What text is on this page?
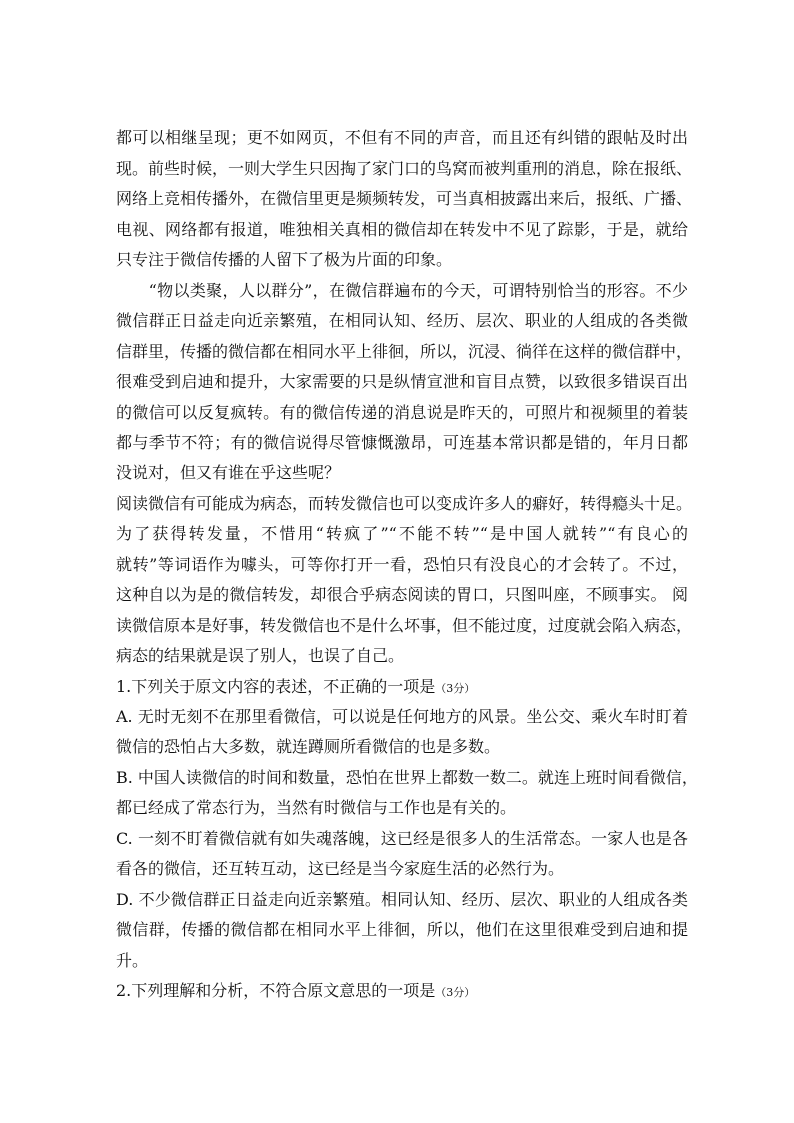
都可以相继呈现；更不如网页，不但有不同的声音，而且还有纠错的跟帖及时出
现。前些时候，一则大学生只因掏了家门口的鸟窝而被判重刑的消息，除在报纸、
网络上竞相传播外，在微信里更是频频转发，可当真相披露出来后，报纸、广播、
电视、网络都有报道，唯独相关真相的微信却在转发中不见了踪影，于是，就给
只专注于微信传播的人留下了极为片面的印象。
　　“物以类聚，人以群分”，在微信群遍布的今天，可谓特别恰当的形容。不少
微信群正日益走向近亲繁殖，在相同认知、经历、层次、职业的人组成的各类微
信群里，传播的微信都在相同水平上徘徊，所以，沉浸、徜徉在这样的微信群中，
很难受到启迪和提升，大家需要的只是纵情宣泄和盲目点赞，以致很多错误百出
的微信可以反复疯转。有的微信传递的消息说是昨天的，可照片和视频里的着装
都与季节不符；有的微信说得尽管慷慨激昂，可连基本常识都是错的，年月日都
没说对，但又有谁在乎这些呢？
阅读微信有可能成为病态，而转发微信也可以变成许多人的癖好，转得瘾头十足。
为了获得转发量，不惜用“转疯了”“不能不转”“是中国人就转”“有良心的
就转”等词语作为噱头，可等你打开一看，恐怕只有没良心的才会转了。不过，
这种自以为是的微信转发，却很合乎病态阅读的胃口，只图叫座，不顾事实。 阅
读微信原本是好事，转发微信也不是什么坏事，但不能过度，过度就会陷入病态，
病态的结果就是误了别人，也误了自己。
1.下列关于原文内容的表述，不正确的一项是（3分）
A. 无时无刻不在那里看微信，可以说是任何地方的风景。坐公交、乘火车时盯着
微信的恐怕占大多数，就连蹲厕所看微信的也是多数。
B. 中国人读微信的时间和数量，恐怕在世界上都数一数二。就连上班时间看微信，
都已经成了常态行为，当然有时微信与工作也是有关的。
C. 一刻不盯着微信就有如失魂落魄，这已经是很多人的生活常态。一家人也是各
看各的微信，还互转互动，这已经是当今家庭生活的必然行为。
D. 不少微信群正日益走向近亲繁殖。相同认知、经历、层次、职业的人组成各类
微信群，传播的微信都在相同水平上徘徊，所以，他们在这里很难受到启迪和提
升。
2.下列理解和分析，不符合原文意思的一项是（3分）
